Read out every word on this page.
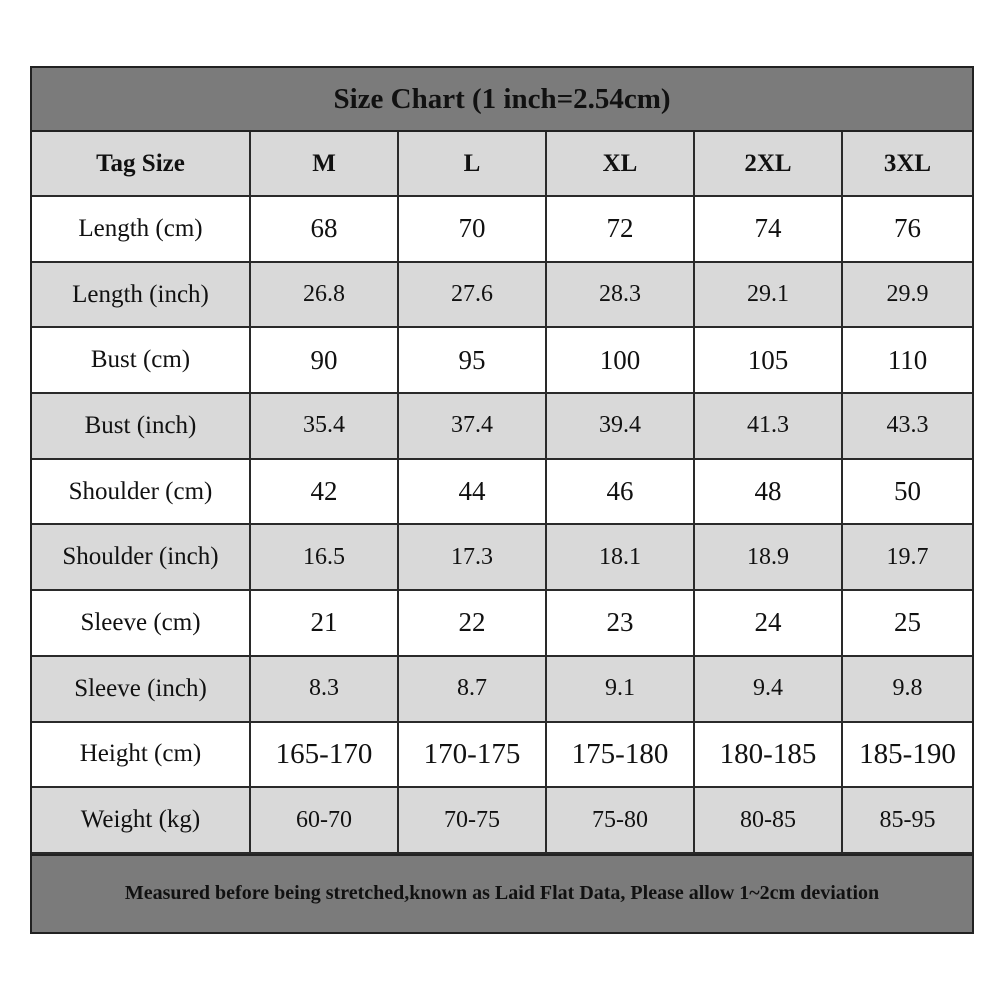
Size Chart (1 inch=2.54cm)
Tag Size	M	L	XL	2XL	3XL
Length (cm)	68	70	72	74	76
Length (inch)	26.8	27.6	28.3	29.1	29.9
Bust (cm)	90	95	100	105	110
Bust (inch)	35.4	37.4	39.4	41.3	43.3
Shoulder (cm)	42	44	46	48	50
Shoulder (inch)	16.5	17.3	18.1	18.9	19.7
Sleeve (cm)	21	22	23	24	25
Sleeve (inch)	8.3	8.7	9.1	9.4	9.8
Height (cm)	165-170	170-175	175-180	180-185	185-190
Weight (kg)	60-70	70-75	75-80	80-85	85-95
Measured before being stretched,known as Laid Flat Data, Please allow 1~2cm deviation
